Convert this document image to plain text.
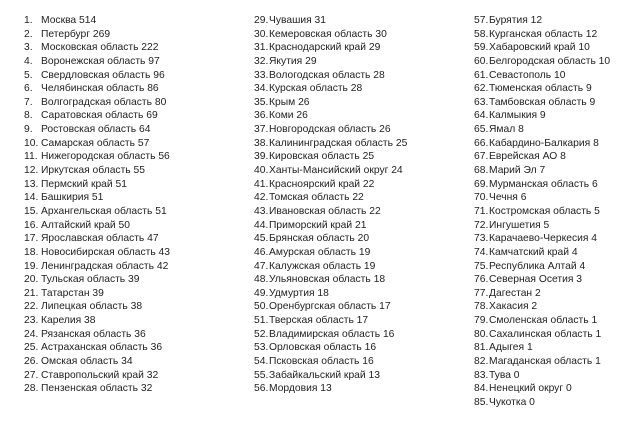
1. Москва 514
2. Петербург 269
3. Московская область 222
4. Воронежская область 97
5. Свердловская область 96
6. Челябинская область 86
7. Волгоградская область 80
8. Саратовская область 69
9. Ростовская область 64
10. Самарская область 57
11. Нижегородская область 56
12. Иркутская область 55
13. Пермский край 51
14. Башкирия 51
15. Архангельская область 51
16. Алтайский край 50
17. Ярославская область 47
18. Новосибирская область 43
19. Ленинградская область 42
20. Тульская область 39
21. Татарстан 39
22. Липецкая область 38
23. Карелия 38
24. Рязанская область 36
25. Астраханская область 36
26. Омская область 34
27. Ставропольский край 32
28. Пензенская область 32
29. Чувашия 31
30. Кемеровская область 30
31. Краснодарский край 29
32. Якутия 29
33. Вологодская область 28
34. Курская область 28
35. Крым 26
36. Коми 26
37. Новгородская область 26
38. Калининградская область 25
39. Кировская область 25
40. Ханты-Мансийский округ 24
41. Красноярский край 22
42. Томская область 22
43. Ивановская область 22
44. Приморский край 21
45. Брянская область 20
46. Амурская область 19
47. Калужская область 19
48. Ульяновская область 18
49. Удмуртия 18
50. Оренбургская область 17
51. Тверская область 17
52. Владимирская область 16
53. Орловская область 16
54. Псковская область 16
55. Забайкальский край 13
56. Мордовия 13
57. Бурятия 12
58. Курганская область 12
59. Хабаровский край 10
60. Белгородская область 10
61. Севастополь 10
62. Тюменская область 9
63. Тамбовская область 9
64. Калмыкия 9
65. Ямал 8
66. Кабардино-Балкария 8
67. Еврейская АО 8
68. Марий Эл 7
69. Мурманская область 6
70. Чечня 6
71. Костромская область 5
72. Ингушетия 5
73. Карачаево-Черкесия 4
74. Камчатский край 4
75. Республика Алтай 4
76. Северная Осетия 3
77. Дагестан 2
78. Хакасия 2
79. Смоленская область 1
80. Сахалинская область 1
81. Адыгея 1
82. Магаданская область 1
83. Тува 0
84. Ненецкий округ 0
85. Чукотка 0
